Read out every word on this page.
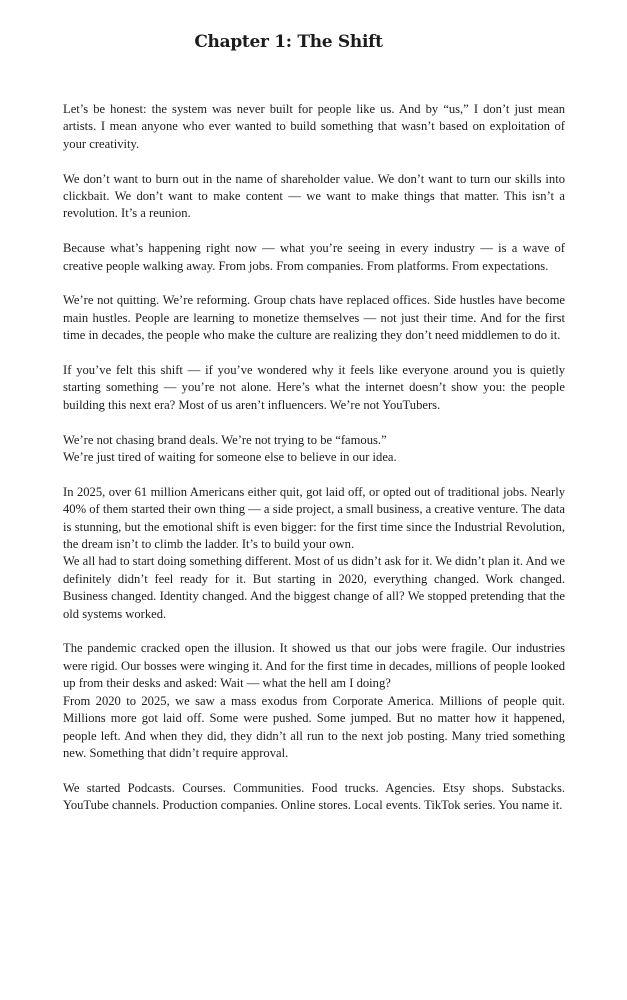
Chapter 1: The Shift

Let’s be honest: the system was never built for people like us. And by “us,” I don’t just mean artists. I mean anyone who ever wanted to build something that wasn’t based on exploitation of your creativity.

We don’t want to burn out in the name of shareholder value. We don’t want to turn our skills into clickbait. We don’t want to make content — we want to make things that matter. This isn’t a revolution. It’s a reunion.

Because what’s happening right now — what you’re seeing in every industry — is a wave of creative people walking away. From jobs. From companies. From platforms. From expectations.

We’re not quitting. We’re reforming. Group chats have replaced offices. Side hustles have become main hustles. People are learning to monetize themselves — not just their time. And for the first time in decades, the people who make the culture are realizing they don’t need middlemen to do it.

If you’ve felt this shift — if you’ve wondered why it feels like everyone around you is quietly starting something — you’re not alone. Here’s what the internet doesn’t show you: the people building this next era? Most of us aren’t influencers. We’re not YouTubers.

We’re not chasing brand deals. We’re not trying to be “famous.”
We’re just tired of waiting for someone else to believe in our idea.

In 2025, over 61 million Americans either quit, got laid off, or opted out of traditional jobs. Nearly 40% of them started their own thing — a side project, a small business, a creative venture. The data is stunning, but the emotional shift is even bigger: for the first time since the Industrial Revolution, the dream isn’t to climb the ladder. It’s to build your own.
We all had to start doing something different. Most of us didn’t ask for it. We didn’t plan it. And we definitely didn’t feel ready for it. But starting in 2020, everything changed. Work changed. Business changed. Identity changed. And the biggest change of all? We stopped pretending that the old systems worked.

The pandemic cracked open the illusion. It showed us that our jobs were fragile. Our industries were rigid. Our bosses were winging it. And for the first time in decades, millions of people looked up from their desks and asked: Wait — what the hell am I doing?
From 2020 to 2025, we saw a mass exodus from Corporate America. Millions of people quit. Millions more got laid off. Some were pushed. Some jumped. But no matter how it happened, people left. And when they did, they didn’t all run to the next job posting. Many tried something new. Something that didn’t require approval.

We started Podcasts. Courses. Communities. Food trucks. Agencies. Etsy shops. Substacks. YouTube channels. Production companies. Online stores. Local events. TikTok series. You name it.
